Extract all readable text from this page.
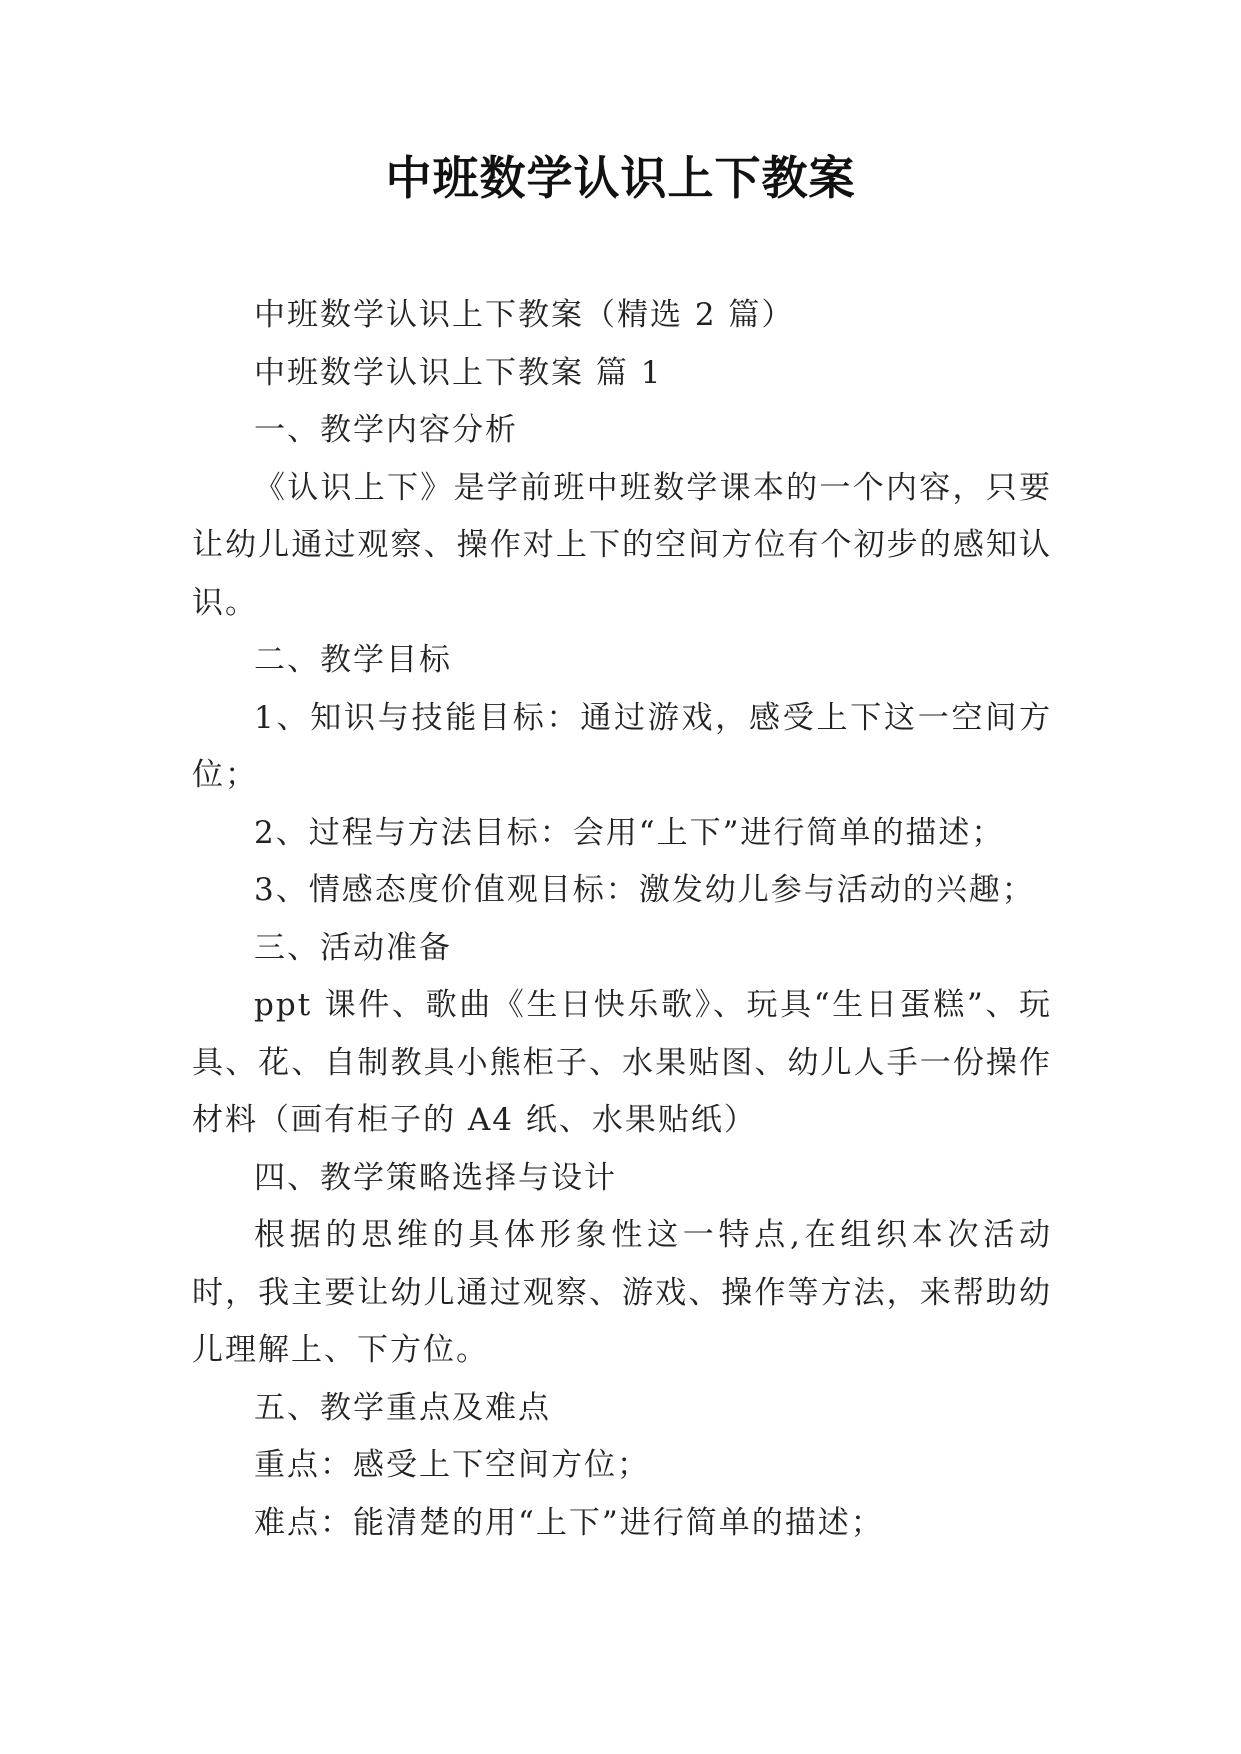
中班数学认识上下教案

中班数学认识上下教案（精选 2 篇）

中班数学认识上下教案 篇 1

一、教学内容分析

《认识上下》是学前班中班数学课本的一个内容，只要让幼儿通过观察、操作对上下的空间方位有个初步的感知认识。

二、教学目标

1、知识与技能目标：通过游戏，感受上下这一空间方位；

2、过程与方法目标：会用“上下”进行简单的描述；

3、情感态度价值观目标：激发幼儿参与活动的兴趣；

三、活动准备

ppt 课件、歌曲《生日快乐歌》、玩具“生日蛋糕”、玩具、花、自制教具小熊柜子、水果贴图、幼儿人手一份操作材料（画有柜子的 A4 纸、水果贴纸）

四、教学策略选择与设计

根据的思维的具体形象性这一特点,在组织本次活动时，我主要让幼儿通过观察、游戏、操作等方法，来帮助幼儿理解上、下方位。

五、教学重点及难点

重点：感受上下空间方位；

难点：能清楚的用“上下”进行简单的描述；
